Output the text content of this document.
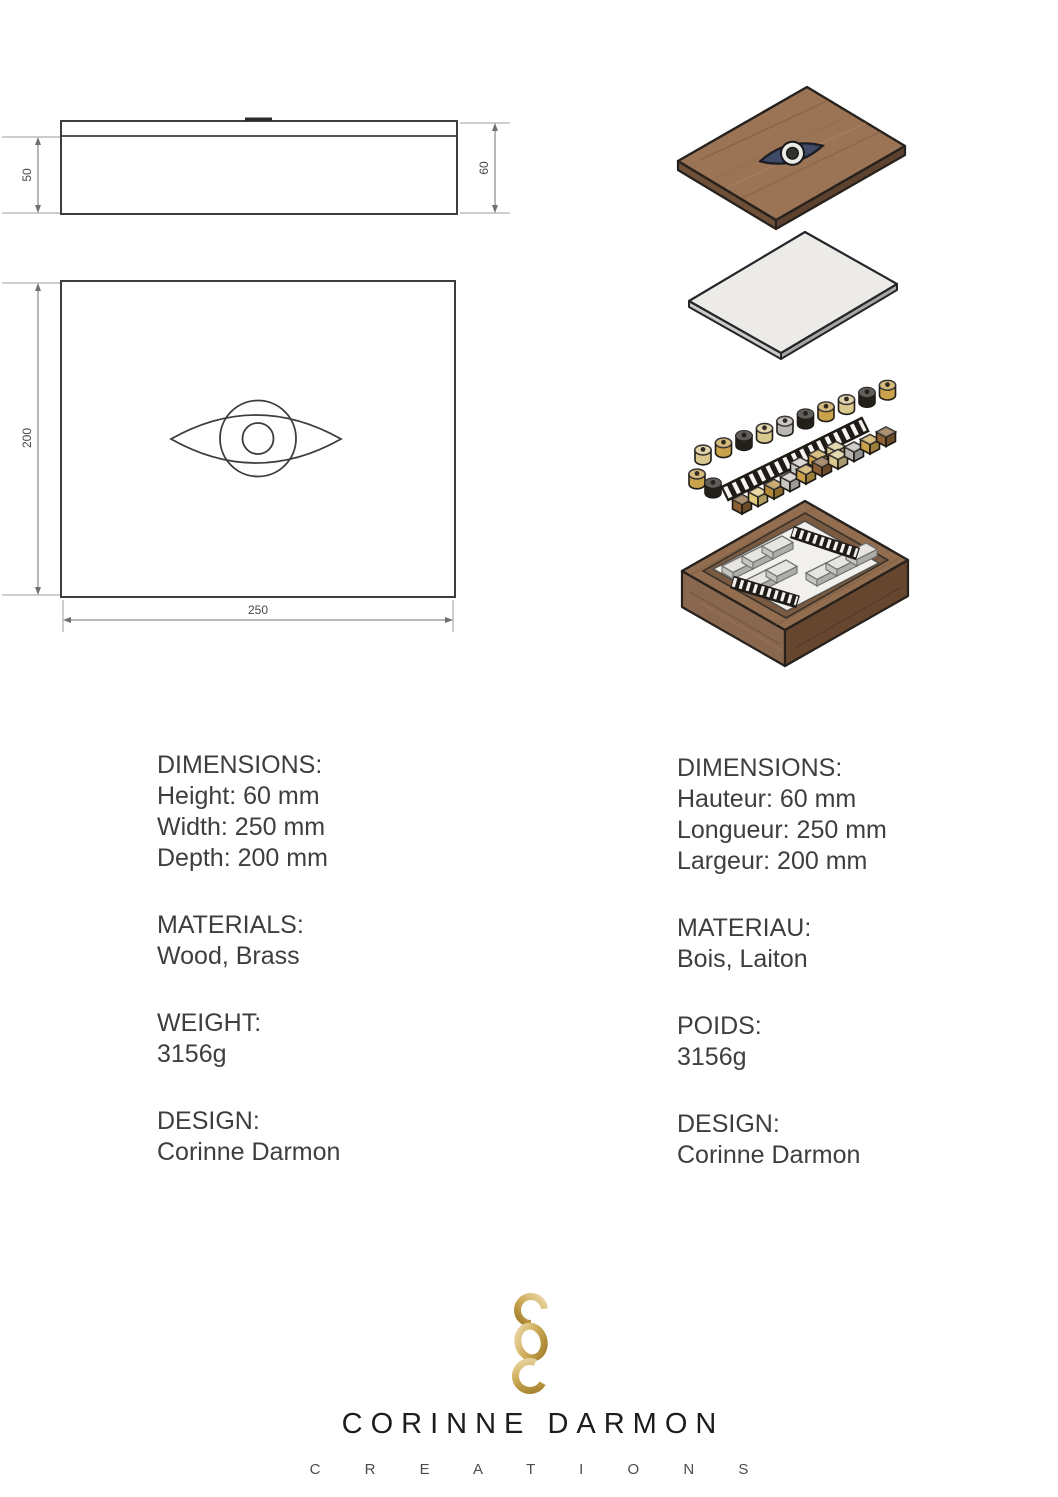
50
60
200
250
DIMENSIONS:
Height: 60 mm
Width: 250 mm
Depth: 200 mm
MATERIALS:
Wood, Brass
WEIGHT:
3156g
DESIGN:
Corinne Darmon
DIMENSIONS:
Hauteur: 60 mm
Longueur: 250 mm
Largeur: 200 mm
MATERIAU:
Bois, Laiton
POIDS:
3156g
DESIGN:
Corinne Darmon
CORINNE DARMON
C R E A T I O N S
